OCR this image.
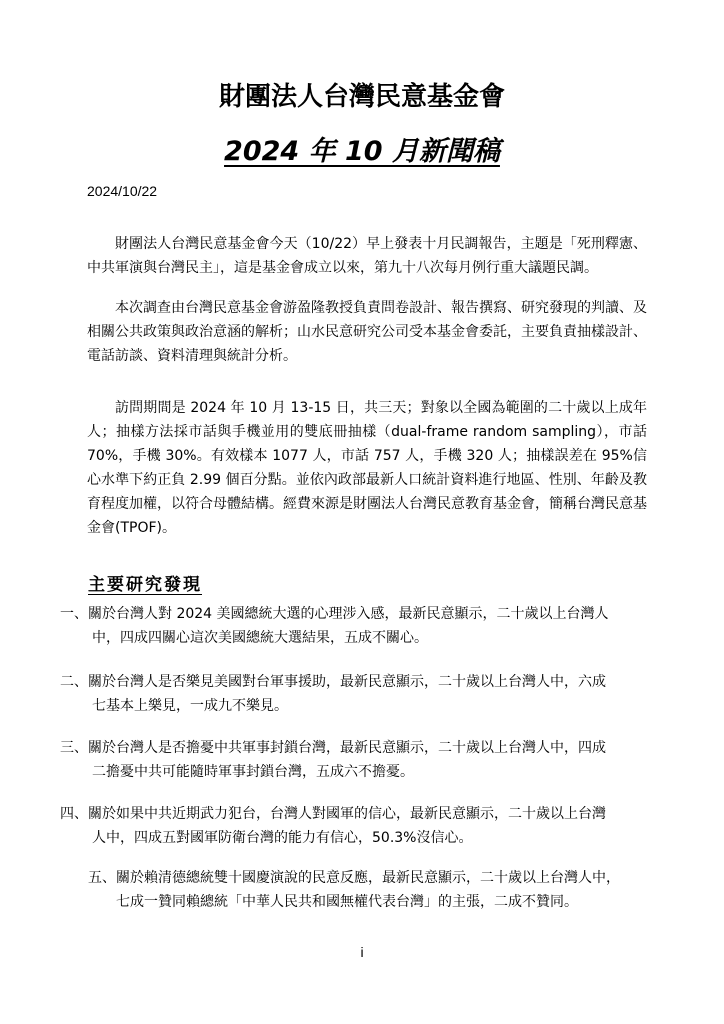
財團法人台灣民意基金會
2024 年 10 月新聞稿
2024/10/22

財團法人台灣民意基金會今天（10/22）早上發表十月民調報告，主題是「死刑釋憲、中共軍演與台灣民主」，這是基金會成立以來，第九十八次每月例行重大議題民調。

本次調查由台灣民意基金會游盈隆教授負責問卷設計、報告撰寫、研究發現的判讀、及相關公共政策與政治意涵的解析；山水民意研究公司受本基金會委託，主要負責抽樣設計、電話訪談、資料清理與統計分析。

訪問期間是 2024 年 10 月 13-15 日，共三天；對象以全國為範圍的二十歲以上成年人；抽樣方法採市話與手機並用的雙底冊抽樣（dual-frame random sampling），市話 70%，手機 30%。有效樣本 1077 人，市話 757 人，手機 320 人；抽樣誤差在 95%信心水準下約正負 2.99 個百分點。並依內政部最新人口統計資料進行地區、性別、年齡及教育程度加權，以符合母體結構。經費來源是財團法人台灣民意教育基金會，簡稱台灣民意基金會(TPOF)。

主要研究發現
一、關於台灣人對 2024 美國總統大選的心理涉入感，最新民意顯示，二十歲以上台灣人
中，四成四關心這次美國總統大選結果，五成不關心。
二、關於台灣人是否樂見美國對台軍事援助，最新民意顯示，二十歲以上台灣人中，六成
七基本上樂見，一成九不樂見。
三、關於台灣人是否擔憂中共軍事封鎖台灣，最新民意顯示，二十歲以上台灣人中，四成
二擔憂中共可能隨時軍事封鎖台灣，五成六不擔憂。
四、關於如果中共近期武力犯台，台灣人對國軍的信心，最新民意顯示，二十歲以上台灣
人中，四成五對國軍防衛台灣的能力有信心，50.3%沒信心。
五、關於賴清德總統雙十國慶演說的民意反應，最新民意顯示，二十歲以上台灣人中，
七成一贊同賴總統「中華人民共和國無權代表台灣」的主張，二成不贊同。
i
